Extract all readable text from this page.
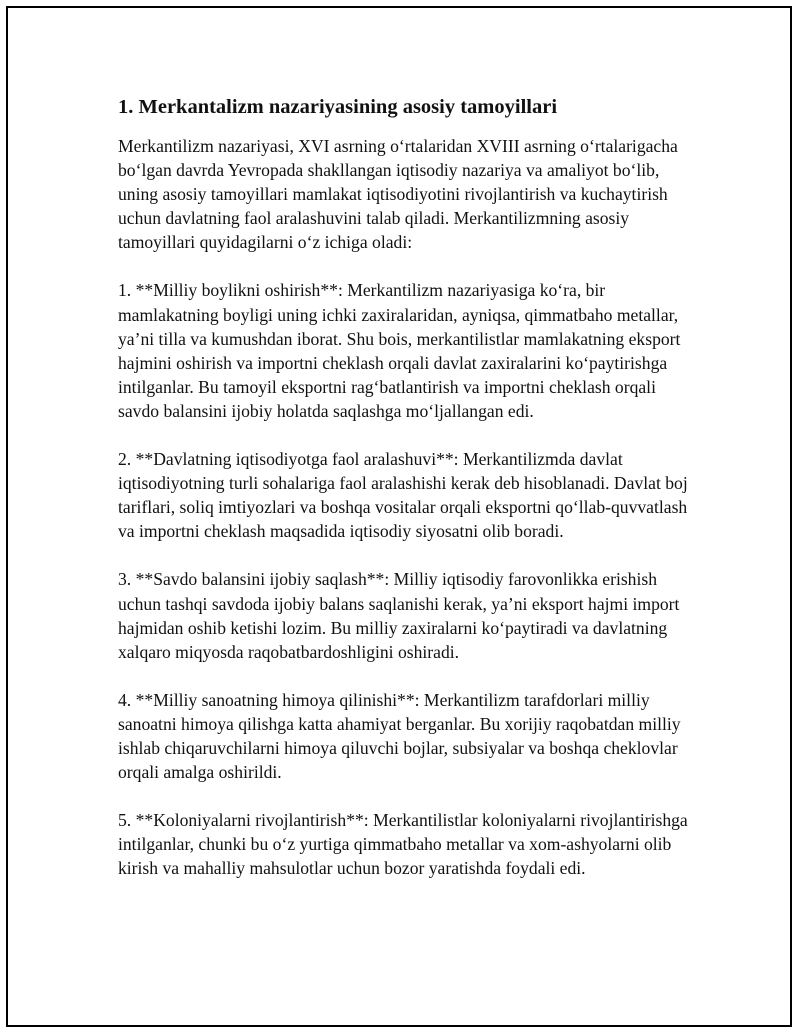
1. Merkantalizm nazariyasining asosiy tamoyillari

Merkantilizm nazariyasi, XVI asrning o‘rtalaridan XVIII asrning o‘rtalarigacha bo‘lgan davrda Yevropada shakllangan iqtisodiy nazariya va amaliyot bo‘lib, uning asosiy tamoyillari mamlakat iqtisodiyotini rivojlantirish va kuchaytirish uchun davlatning faol aralashuvini talab qiladi. Merkantilizmning asosiy tamoyillari quyidagilarni o‘z ichiga oladi:

1. **Milliy boylikni oshirish**: Merkantilizm nazariyasiga ko‘ra, bir mamlakatning boyligi uning ichki zaxiralaridan, ayniqsa, qimmatbaho metallar, ya’ni tilla va kumushdan iborat. Shu bois, merkantilistlar mamlakatning eksport hajmini oshirish va importni cheklash orqali davlat zaxiralarini ko‘paytirishga intilganlar. Bu tamoyil eksportni rag‘batlantirish va importni cheklash orqali savdo balansini ijobiy holatda saqlashga mo‘ljallangan edi.

2. **Davlatning iqtisodiyotga faol aralashuvi**: Merkantilizmda davlat iqtisodiyotning turli sohalariga faol aralashishi kerak deb hisoblanadi. Davlat boj tariflari, soliq imtiyozlari va boshqa vositalar orqali eksportni qo‘llab-quvvatlash va importni cheklash maqsadida iqtisodiy siyosatni olib boradi.

3. **Savdo balansini ijobiy saqlash**: Milliy iqtisodiy farovonlikka erishish uchun tashqi savdoda ijobiy balans saqlanishi kerak, ya’ni eksport hajmi import hajmidan oshib ketishi lozim. Bu milliy zaxiralarni ko‘paytiradi va davlatning xalqaro miqyosda raqobatbardoshligini oshiradi.

4. **Milliy sanoatning himoya qilinishi**: Merkantilizm tarafdorlari milliy sanoatni himoya qilishga katta ahamiyat berganlar. Bu xorijiy raqobatdan milliy ishlab chiqaruvchilarni himoya qiluvchi bojlar, subsiyalar va boshqa cheklovlar orqali amalga oshirildi.

5. **Koloniyalarni rivojlantirish**: Merkantilistlar koloniyalarni rivojlantirishga intilganlar, chunki bu o‘z yurtiga qimmatbaho metallar va xom-ashyolarni olib kirish va mahalliy mahsulotlar uchun bozor yaratishda foydali edi.
